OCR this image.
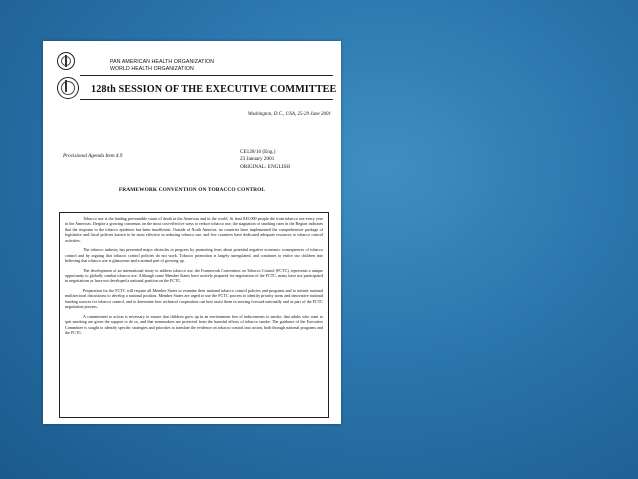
PAN AMERICAN HEALTH ORGANIZATION
WORLD HEALTH ORGANIZATION
128th SESSION OF THE EXECUTIVE COMMITTEE
Washington, D.C., USA, 25-29 June 2001
Provisional Agenda Item 4.9
CE128/16 (Eng.)
23 January 2001
ORIGINAL: ENGLISH
FRAMEWORK CONVENTION ON TOBACCO CONTROL

Tobacco use is the leading preventable cause of death in the Americas and in the world. At least 845,000 people die from tobacco use every year in the Americas. Despite a growing consensus on the most cost-effective ways to reduce tobacco use, the stagnation of smoking rates in the Region indicates that the response to the tobacco epidemic has been insufficient. Outside of North America, no countries have implemented the comprehensive package of legislative and fiscal policies known to be most effective in reducing tobacco use, and few countries have dedicated adequate resources to tobacco control activities.

The tobacco industry has presented major obstacles to progress by promoting fears about potential negative economic consequences of tobacco control and by arguing that tobacco control policies do not work. Tobacco promotion is largely unregulated, and continues to entice our children into believing that tobacco use is glamorous and a normal part of growing up.

The development of an international treaty to address tobacco use, the Framework Convention on Tobacco Control (FCTC), represents a unique opportunity to globally combat tobacco use. Although some Member States have actively prepared for negotiation of the FCTC, many have not participated in negotiations or have not developed a national position on the FCTC.

Preparation for the FCTC will require all Member States to examine their national tobacco control policies and programs and to initiate national multisectoral discussions to develop a national position. Member States are urged to use the FCTC process to identify priority areas and innovative national funding sources for tobacco control, and to determine how technical cooperation can best assist them in moving forward nationally and as part of the FCTC negotiation process.

A commitment to action is necessary to ensure that children grow up in an environment free of inducements to smoke, that adults who want to quit smoking are given the support to do so, and that nonsmokers are protected from the harmful effects of tobacco smoke. The guidance of the Executive Committee is sought to identify specific strategies and priorities to translate the evidence on tobacco control into action, both through national programs and the FCTC.
